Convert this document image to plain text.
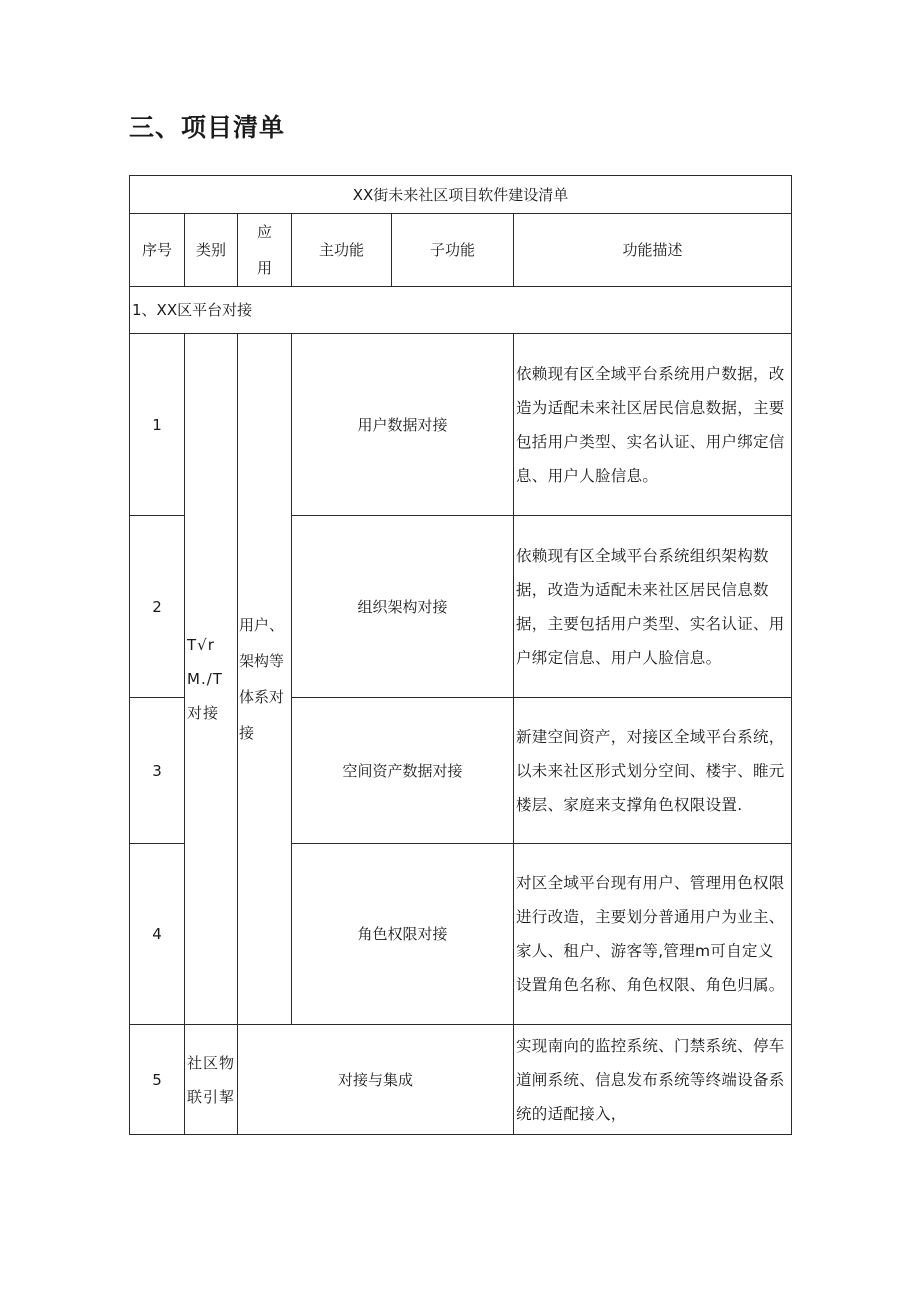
三、项目清单
XX街未来社区项目软件建设清单					
序号	类别	应用	主功能	子功能	功能描述
1、XX区平台对接					
1	T√r M./T 对接	用户、架构等体系对接	用户数据对接		依赖现有区全域平台系统用户数据，改造为适配未来社区居民信息数据，主要包括用户类型、实名认证、用户绑定信息、用户人脸信息。
2			组织架构对接		依赖现有区全域平台系统组织架构数据，改造为适配未来社区居民信息数据，主要包括用户类型、实名认证、用户绑定信息、用户人脸信息。
3			空间资产数据对接		新建空间资产，对接区全域平台系统，以未来社区形式划分空间、楼宇、睢元楼层、家庭来支撑角色权限设置.
4			角色权限对接		对区全域平台现有用户、管理用色权限进行改造，主要划分普通用户为业主、家人、租户、游客等,管理m可自定义设置角色名称、角色权限、角色归属。
5	社区物联引挈	对接与集成			实现南向的监控系统、门禁系统、停车道闸系统、信息发布系统等终端设备系统的适配接入，
